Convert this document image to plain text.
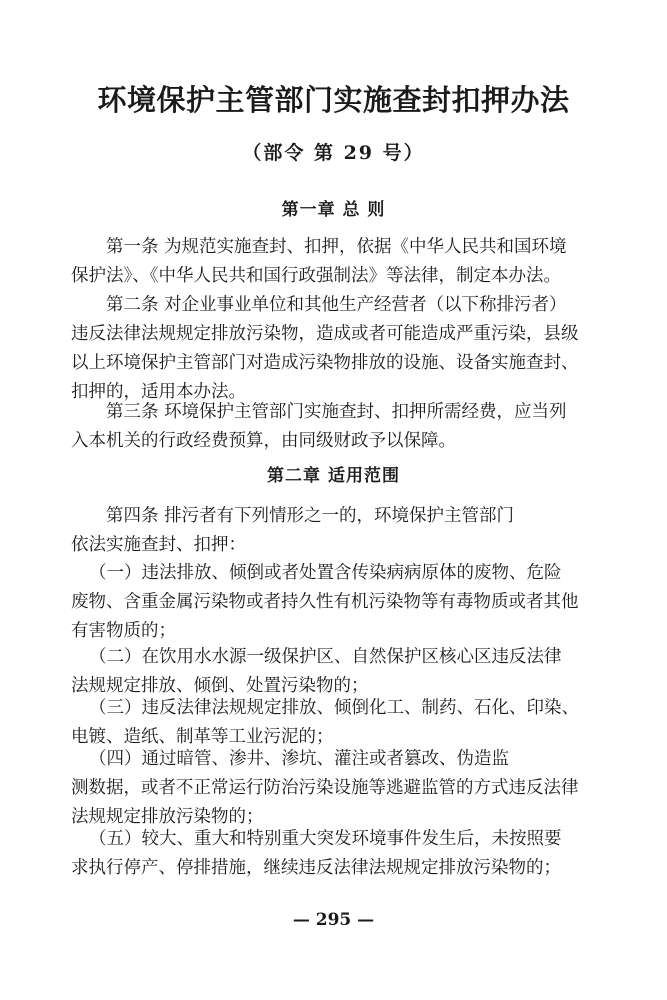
环境保护主管部门实施查封扣押办法
（部令 第 29 号）
第一章 总 则

第一条 为规范实施查封、扣押，依据《中华人民共和国环境
保护法》、《中华人民共和国行政强制法》等法律，制定本办法。

第二条 对企业事业单位和其他生产经营者（以下称排污者）
违反法律法规规定排放污染物，造成或者可能造成严重污染，县级
以上环境保护主管部门对造成污染物排放的设施、设备实施查封、
扣押的，适用本办法。

第三条 环境保护主管部门实施查封、扣押所需经费，应当列
入本机关的行政经费预算，由同级财政予以保障。

第二章 适用范围

第四条 排污者有下列情形之一的，环境保护主管部门
依法实施查封、扣押：

（一）违法排放、倾倒或者处置含传染病病原体的废物、危险
废物、含重金属污染物或者持久性有机污染物等有毒物质或者其他
有害物质的；

（二）在饮用水水源一级保护区、自然保护区核心区违反法律
法规规定排放、倾倒、处置污染物的；

（三）违反法律法规规定排放、倾倒化工、制药、石化、印染、
电镀、造纸、制革等工业污泥的；

（四）通过暗管、渗井、渗坑、灌注或者篡改、伪造监
测数据，或者不正常运行防治污染设施等逃避监管的方式违反法律
法规规定排放污染物的；

（五）较大、重大和特别重大突发环境事件发生后，未按照要
求执行停产、停排措施，继续违反法律法规规定排放污染物的；

— 295 —
